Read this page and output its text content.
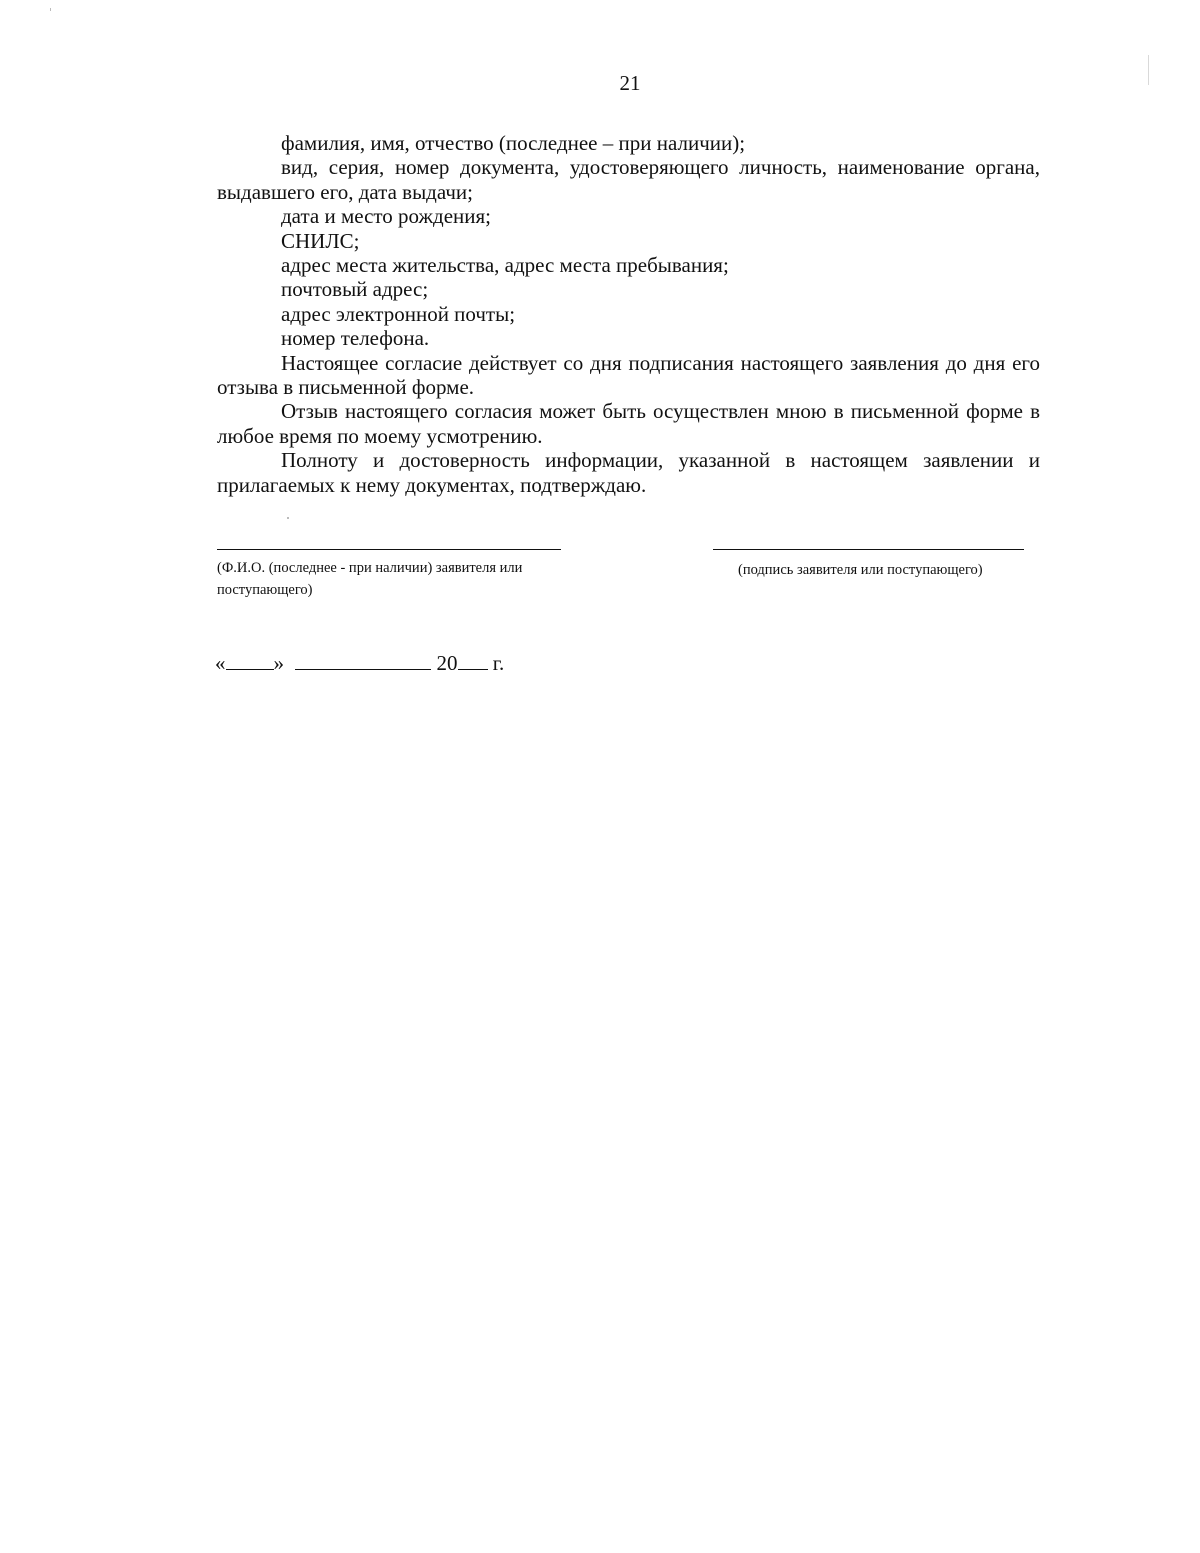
21

фамилия, имя, отчество (последнее – при наличии);

вид, серия, номер документа, удостоверяющего личность, наименование органа, выдавшего его, дата выдачи;

дата и место рождения;

СНИЛС;

адрес места жительства, адрес места пребывания;

почтовый адрес;

адрес электронной почты;

номер телефона.

Настоящее согласие действует со дня подписания настоящего заявления до дня его отзыва в письменной форме.

Отзыв настоящего согласия может быть осуществлен мною в письменной форме в любое время по моему усмотрению.

Полноту и достоверность информации, указанной в настоящем заявлении и прилагаемых к нему документах, подтверждаю.

(Ф.И.О. (последнее - при наличии) заявителя или поступающего)
(подпись заявителя или поступающего)
« »	20 г.
